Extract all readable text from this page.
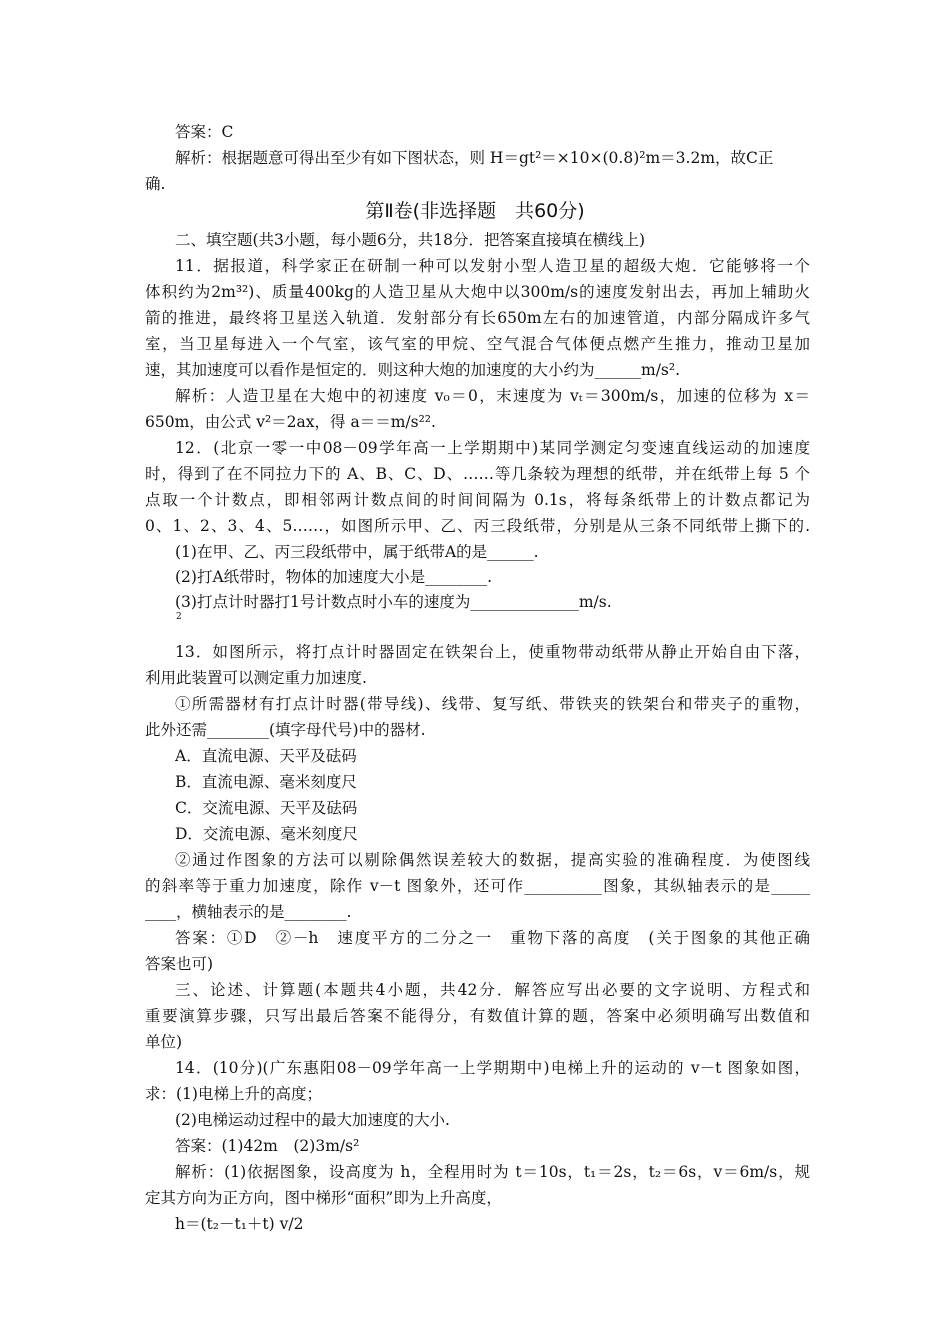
答案：C
解析：根据题意可得出至少有如下图状态，则 H＝gt²＝×10×(0.8)²m＝3.2m，故C正
确.
第Ⅱ卷(非选择题　共60分)
二、填空题(共3小题，每小题6分，共18分．把答案直接填在横线上)
11．据报道，科学家正在研制一种可以发射小型人造卫星的超级大炮．它能够将一个
体积约为2m³²)、质量400kg的人造卫星从大炮中以300m/s的速度发射出去，再加上辅助火
箭的推进，最终将卫星送入轨道．发射部分有长650m左右的加速管道，内部分隔成许多气
室，当卫星每进入一个气室，该气室的甲烷、空气混合气体便点燃产生推力，推动卫星加
速，其加速度可以看作是恒定的．则这种大炮的加速度的大小约为______m/s².
解析：人造卫星在大炮中的初速度 v₀＝0，末速度为 vₜ＝300m/s，加速的位移为 x＝
650m，由公式 v²＝2ax，得 a＝＝m/s²².
12．(北京一零一中08－09学年高一上学期期中)某同学测定匀变速直线运动的加速度
时，得到了在不同拉力下的 A、B、C、D、……等几条较为理想的纸带，并在纸带上每 5 个
点取一个计数点，即相邻两计数点间的时间间隔为 0.1s，将每条纸带上的计数点都记为
0、1、2、3、4、5……，如图所示甲、乙、丙三段纸带，分别是从三条不同纸带上撕下的.
(1)在甲、乙、丙三段纸带中，属于纸带A的是______.
(2)打A纸带时，物体的加速度大小是________.
(3)打点计时器打1号计数点时小车的速度为______________m/s.
2
13．如图所示，将打点计时器固定在铁架台上，使重物带动纸带从静止开始自由下落，
利用此装置可以测定重力加速度.
①所需器材有打点计时器(带导线)、线带、复写纸、带铁夹的铁架台和带夹子的重物，
此外还需________(填字母代号)中的器材.
A．直流电源、天平及砝码
B．直流电源、毫米刻度尺
C．交流电源、天平及砝码
D．交流电源、毫米刻度尺
②通过作图象的方法可以剔除偶然误差较大的数据，提高实验的准确程度．为使图线
的斜率等于重力加速度，除作 v－t 图象外，还可作__________图象，其纵轴表示的是_____
____，横轴表示的是________.
答案：①D　②－h　速度平方的二分之一　重物下落的高度　(关于图象的其他正确
答案也可)
三、论述、计算题(本题共4小题，共42分．解答应写出必要的文字说明、方程式和
重要演算步骤，只写出最后答案不能得分，有数值计算的题，答案中必须明确写出数值和
单位)
14．(10分)(广东惠阳08－09学年高一上学期期中)电梯上升的运动的 v－t 图象如图，
求：(1)电梯上升的高度；
(2)电梯运动过程中的最大加速度的大小.
答案：(1)42m　(2)3m/s²
解析：(1)依据图象，设高度为 h，全程用时为 t＝10s，t₁＝2s，t₂＝6s，v＝6m/s，规
定其方向为正方向，图中梯形“面积”即为上升高度，
h＝(t₂－t₁＋t) v/2
